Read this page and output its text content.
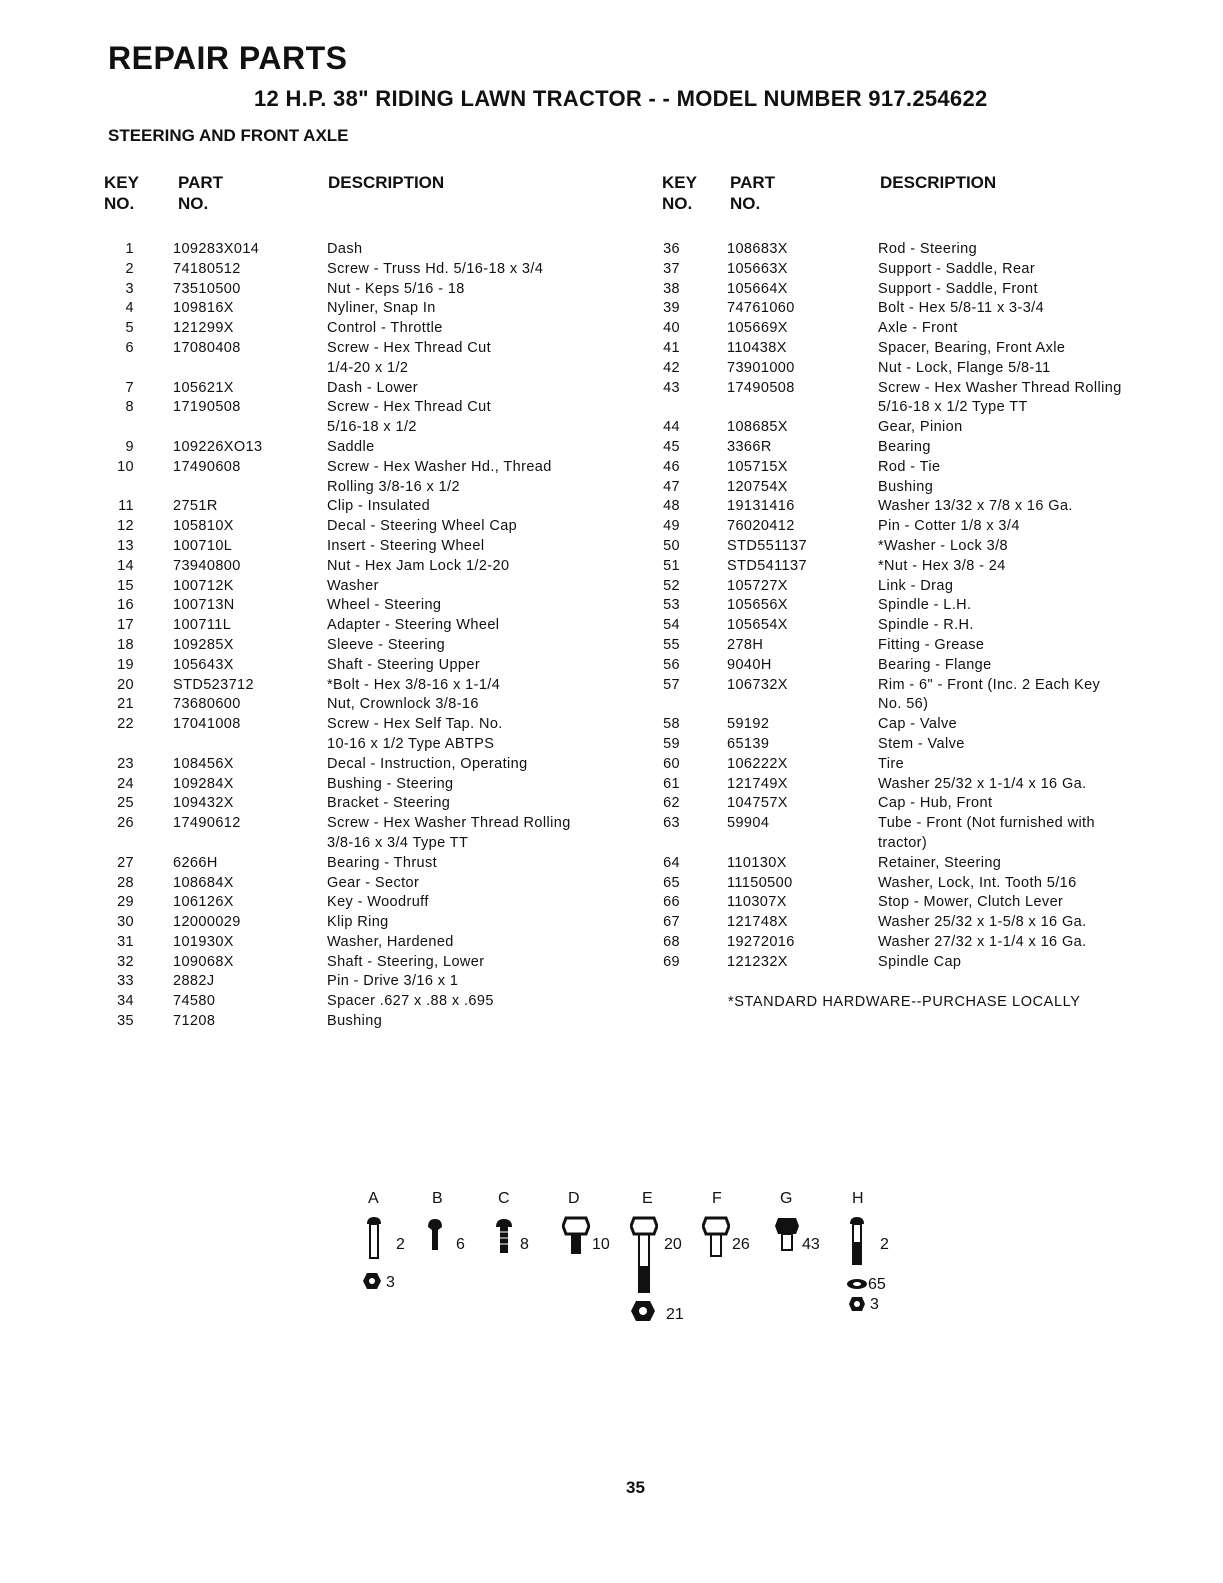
REPAIR PARTS
12 H.P. 38" RIDING LAWN TRACTOR - - MODEL NUMBER 917.254622
STEERING AND FRONT AXLE
KEY
NO.
PART
NO.
DESCRIPTION	KEY
NO.
PART
NO.
DESCRIPTION
1	109283X014	Dash
2	74180512	Screw - Truss Hd. 5/16-18 x 3/4
3	73510500	Nut - Keps 5/16 - 18
4	109816X	Nyliner, Snap In
5	121299X	Control - Throttle
6	17080408	Screw - Hex Thread Cut
1/4-20 x 1/2
7	105621X	Dash - Lower
8	17190508	Screw - Hex Thread Cut
5/16-18 x 1/2
9	109226XO13	Saddle
10	17490608	Screw - Hex Washer Hd., Thread
Rolling 3/8-16 x 1/2
11	2751R	Clip - Insulated
12	105810X	Decal - Steering Wheel Cap
13	100710L	Insert - Steering Wheel
14	73940800	Nut - Hex Jam Lock 1/2-20
15	100712K	Washer
16	100713N	Wheel - Steering
17	100711L	Adapter - Steering Wheel
18	109285X	Sleeve - Steering
19	105643X	Shaft - Steering Upper
20	STD523712	*Bolt - Hex 3/8-16 x 1-1/4
21	73680600	Nut, Crownlock 3/8-16
22	17041008	Screw - Hex Self Tap. No.
10-16 x 1/2 Type ABTPS
23	108456X	Decal - Instruction, Operating
24	109284X	Bushing - Steering
25	109432X	Bracket - Steering
26	17490612	Screw - Hex Washer Thread Rolling
3/8-16 x 3/4 Type TT
27	6266H	Bearing - Thrust
28	108684X	Gear - Sector
29	106126X	Key - Woodruff
30	12000029	Klip Ring
31	101930X	Washer, Hardened
32	109068X	Shaft - Steering, Lower
33	2882J	Pin - Drive 3/16 x 1
34	74580	Spacer .627 x .88 x .695
35	71208	Bushing
36	108683X	Rod - Steering
37	105663X	Support - Saddle, Rear
38	105664X	Support - Saddle, Front
39	74761060	Bolt - Hex 5/8-11 x 3-3/4
40	105669X	Axle - Front
41	110438X	Spacer, Bearing, Front Axle
42	73901000	Nut - Lock, Flange 5/8-11
43	17490508	Screw - Hex Washer Thread Rolling
5/16-18 x 1/2 Type TT
44	108685X	Gear, Pinion
45	3366R	Bearing
46	105715X	Rod - Tie
47	120754X	Bushing
48	19131416	Washer 13/32 x 7/8 x 16 Ga.
49	76020412	Pin - Cotter 1/8 x 3/4
50	STD551137	*Washer - Lock 3/8
51	STD541137	*Nut - Hex 3/8 - 24
52	105727X	Link - Drag
53	105656X	Spindle - L.H.
54	105654X	Spindle - R.H.
55	278H	Fitting - Grease
56	9040H	Bearing - Flange
57	106732X	Rim - 6" - Front (Inc. 2 Each Key
No. 56)
58	59192	Cap - Valve
59	65139	Stem - Valve
60	106222X	Tire
61	121749X	Washer 25/32 x 1-1/4 x 16 Ga.
62	104757X	Cap - Hub, Front
63	59904	Tube - Front (Not furnished with
tractor)
64	110130X	Retainer, Steering
65	11150500	Washer, Lock, Int. Tooth 5/16
66	110307X	Stop - Mower, Clutch Lever
67	121748X	Washer 25/32 x 1-5/8 x 16 Ga.
68	19272016	Washer 27/32 x 1-1/4 x 16 Ga.
69	121232X	Spindle Cap
*STANDARD HARDWARE--PURCHASE LOCALLY
A	B	C	D	E	F	G	H
2
3
6	8	10	20
21
26	43	2
65
3
35
